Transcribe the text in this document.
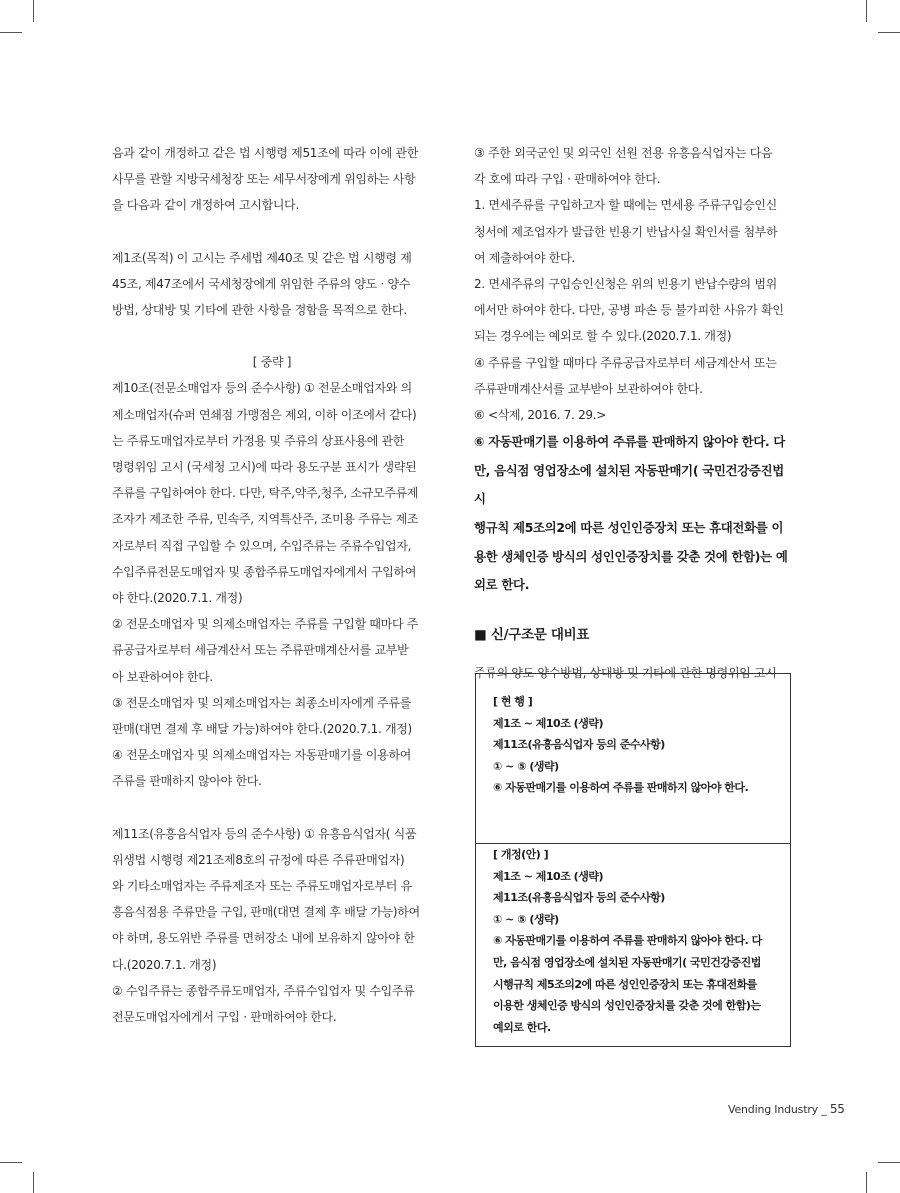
음과 같이 개정하고 같은 법 시행령 제51조에 따라 이에 관한

사무를 관할 지방국세청장 또는 세무서장에게 위임하는 사항

을 다음과 같이 개정하여 고시합니다.

제1조(목적) 이 고시는 주세법 제40조 및 같은 법 시행령 제

45조, 제47조에서 국세청장에게 위임한 주류의 양도 · 양수

방법, 상대방 및 기타에 관한 사항을 정함을 목적으로 한다.

[ 중략 ]

제10조(전문소매업자 등의 준수사항) ① 전문소매업자와 의

제소매업자(슈퍼 연쇄점 가맹점은 제외, 이하 이조에서 같다)

는 주류도매업자로부터 가정용 및 주류의 상표사용에 관한

명령위임 고시 (국세청 고시)에 따라 용도구분 표시가 생략된

주류를 구입하여야 한다. 다만, 탁주,약주,청주, 소규모주류제

조자가 제조한 주류, 민속주, 지역특산주, 조미용 주류는 제조

자로부터 직접 구입할 수 있으며, 수입주류는 주류수입업자,

수입주류전문도매업자 및 종합주류도매업자에게서 구입하여

야 한다.(2020.7.1. 개정)

② 전문소매업자 및 의제소매업자는 주류를 구입할 때마다 주

류공급자로부터 세금계산서 또는 주류판매계산서를 교부받

아 보관하여야 한다.

③ 전문소매업자 및 의제소매업자는 최종소비자에게 주류를

판매(대면 결제 후 배달 가능)하여야 한다.(2020.7.1. 개정)

④ 전문소매업자 및 의제소매업자는 자동판매기를 이용하여

주류를 판매하지 않아야 한다.

제11조(유흥음식업자 등의 준수사항) ① 유흥음식업자( 식품

위생법 시행령 제21조제8호의 규정에 따른 주류판매업자)

와 기타소매업자는 주류제조자 또는 주류도매업자로부터 유

흥음식점용 주류만을 구입, 판매(대면 결제 후 배달 가능)하여

야 하며, 용도위반 주류를 면허장소 내에 보유하지 않아야 한

다.(2020.7.1. 개정)

② 수입주류는 종합주류도매업자, 주류수입업자 및 수입주류

전문도매업자에게서 구입 · 판매하여야 한다.

③ 주한 외국군인 및 외국인 선원 전용 유흥음식업자는 다음

각 호에 따라 구입 · 판매하여야 한다.

1. 면세주류를 구입하고자 할 때에는 면세용 주류구입승인신

청서에 제조업자가 발급한 빈용기 반납사실 확인서를 첨부하

여 제출하여야 한다.

2. 면세주류의 구입승인신청은 위의 빈용기 반납수량의 범위

에서만 하여야 한다. 다만, 공병 파손 등 불가피한 사유가 확인

되는 경우에는 예외로 할 수 있다.(2020.7.1. 개정)

④ 주류를 구입할 때마다 주류공급자로부터 세금계산서 또는

주류판매계산서를 교부받아 보관하여야 한다.

⑥ <삭제, 2016. 7. 29.>

⑥ 자동판매기를 이용하여 주류를 판매하지 않아야 한다. 다

만, 음식점 영업장소에 설치된 자동판매기( 국민건강증진법시

행규칙 제5조의2에 따른 성인인증장치 또는 휴대전화를 이

용한 생체인증 방식의 성인인증장치를 갖춘 것에 한함)는 예

외로 한다.

■ 신/구조문 대비표

주류의 양도 양수방법, 상대방 및 기타에 관한 명령위임 고시

[ 현 행 ]

제1조 ~ 제10조 (생략)

제11조(유흥음식업자 등의 준수사항)

① ~ ⑤ (생략)

⑥ 자동판매기를 이용하여 주류를 판매하지 않아야 한다.

[ 개정(안) ]

제1조 ~ 제10조 (생략)

제11조(유흥음식업자 등의 준수사항)

① ~ ⑤ (생략)

⑥ 자동판매기를 이용하여 주류를 판매하지 않아야 한다. 다

만, 음식점 영업장소에 설치된 자동판매기( 국민건강증진법

시행규칙 제5조의2에 따른 성인인증장치 또는 휴대전화를

이용한 생체인증 방식의 성인인증장치를 갖춘 것에 한함)는

예외로 한다.

Vending Industry _ 55
